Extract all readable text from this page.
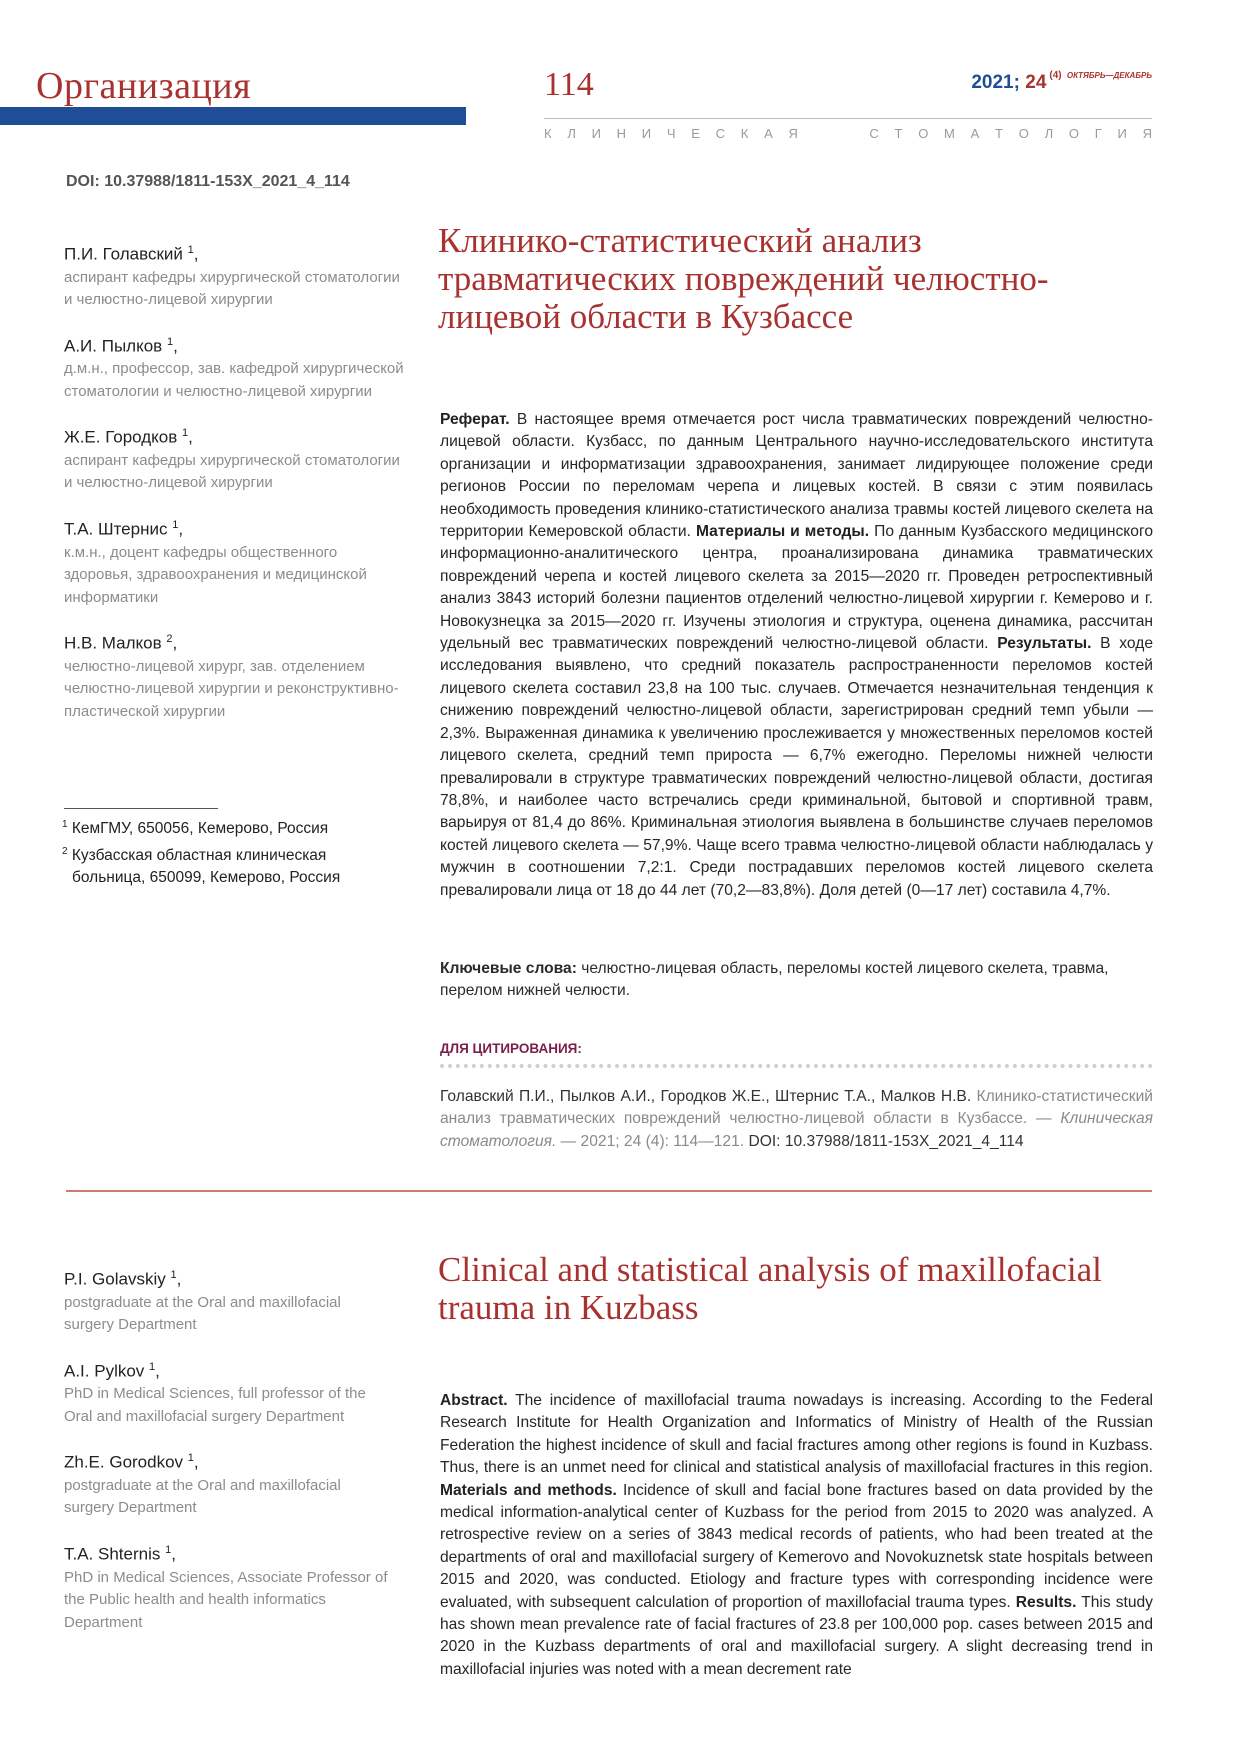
Организация	114	2021; 24 $^{(4)}$ $^{ОКТЯБРЬ—ДЕКАБРЬ}$
К Л И Н И Ч Е С К А Я	С Т О М А Т О Л О Г И Я
DOI: 10.37988/1811-153X_2021_4_114
П.И. Голавский $^1$,
аспирант кафедры хирургической стоматологии и челюстно-лицевой хирургии
А.И. Пылков $^1$,
д.м.н., профессор, зав. кафедрой хирургической стоматологии и челюстно-лицевой хирургии
Ж.Е. Городков $^1$,
аспирант кафедры хирургической стоматологии и челюстно-лицевой хирургии
Т.А. Штернис $^1$,
к.м.н., доцент кафедры общественного здоровья, здравоохранения и медицинской информатики
Н.В. Малков $^2$,
челюстно-лицевой хирург, зав. отделением челюстно-лицевой хирургии и реконструктивно-пластической хирургии
$^1$ КемГМУ, 650056, Кемерово, Россия
$^2$ Кузбасская областная клиническая больница, 650099, Кемерово, Россия
Клинико-статистический анализ травматических повреждений челюстно-лицевой области в Кузбассе

Реферат. В настоящее время отмечается рост числа травматических повреждений челюстно-лицевой области. Кузбасс, по данным Центрального научно-исследовательского института организации и информатизации здравоохранения, занимает лидирующее положение среди регионов России по переломам черепа и лицевых костей. В связи с этим появилась необходимость проведения клинико-статистического анализа травмы костей лицевого скелета на территории Кемеровской области. Материалы и методы. По данным Кузбасского медицинского информационно-аналитического центра, проанализирована динамика травматических повреждений черепа и костей лицевого скелета за 2015—2020 гг. Проведен ретроспективный анализ 3843 историй болезни пациентов отделений челюстно-лицевой хирургии г. Кемерово и г. Новокузнецка за 2015—2020 гг. Изучены этиология и структура, оценена динамика, рассчитан удельный вес травматических повреждений челюстно-лицевой области. Результаты. В ходе исследования выявлено, что средний показатель распространенности переломов костей лицевого скелета составил 23,8 на 100 тыс. случаев. Отмечается незначительная тенденция к снижению повреждений челюстно-лицевой области, зарегистрирован средний темп убыли — 2,3%. Выраженная динамика к увеличению прослеживается у множественных переломов костей лицевого скелета, средний темп прироста — 6,7% ежегодно. Переломы нижней челюсти превалировали в структуре травматических повреждений челюстно-лицевой области, достигая 78,8%, и наиболее часто встречались среди криминальной, бытовой и спортивной травм, варьируя от 81,4 до 86%. Криминальная этиология выявлена в большинстве случаев переломов костей лицевого скелета — 57,9%. Чаще всего травма челюстно-лицевой области наблюдалась у мужчин в соотношении 7,2:1. Среди пострадавших переломов костей лицевого скелета превалировали лица от 18 до 44 лет (70,2—83,8%). Доля детей (0—17 лет) составила 4,7%.

Ключевые слова: челюстно-лицевая область, переломы костей лицевого скелета, травма, перелом нижней челюсти.

ДЛЯ ЦИТИРОВАНИЯ:

Голавский П.И., Пылков А.И., Городков Ж.Е., Штернис Т.А., Малков Н.В. Клинико-статистический анализ травматических повреждений челюстно-лицевой области в Кузбассе. — Клиническая стоматология. — 2021; 24 (4): 114—121. DOI: 10.37988/1811-153X_2021_4_114

P.I. Golavskiy $^1$,
postgraduate at the Oral and maxillofacial surgery Department
A.I. Pylkov $^1$,
PhD in Medical Sciences, full professor of the Oral and maxillofacial surgery Department
Zh.E. Gorodkov $^1$,
postgraduate at the Oral and maxillofacial surgery Department
T.A. Shternis $^1$,
PhD in Medical Sciences, Associate Professor of the Public health and health informatics Department
Clinical and statistical analysis of maxillofacial trauma in Kuzbass

Abstract. The incidence of maxillofacial trauma nowadays is increasing. According to the Federal Research Institute for Health Organization and Informatics of Ministry of Health of the Russian Federation the highest incidence of skull and facial fractures among other regions is found in Kuzbass. Thus, there is an unmet need for clinical and statistical analysis of maxillofacial fractures in this region. Materials and methods. Incidence of skull and facial bone fractures based on data provided by the medical information-analytical center of Kuzbass for the period from 2015 to 2020 was analyzed. A retrospective review on a series of 3843 medical records of patients, who had been treated at the departments of oral and maxillofacial surgery of Kemerovo and Novokuznetsk state hospitals between 2015 and 2020, was conducted. Etiology and fracture types with corresponding incidence were evaluated, with subsequent calculation of proportion of maxillofacial trauma types. Results. This study has shown mean prevalence rate of facial fractures of 23.8 per 100,000 pop. cases between 2015 and 2020 in the Kuzbass departments of oral and maxillofacial surgery. A slight decreasing trend in maxillofacial injuries was noted with a mean decrement rate
